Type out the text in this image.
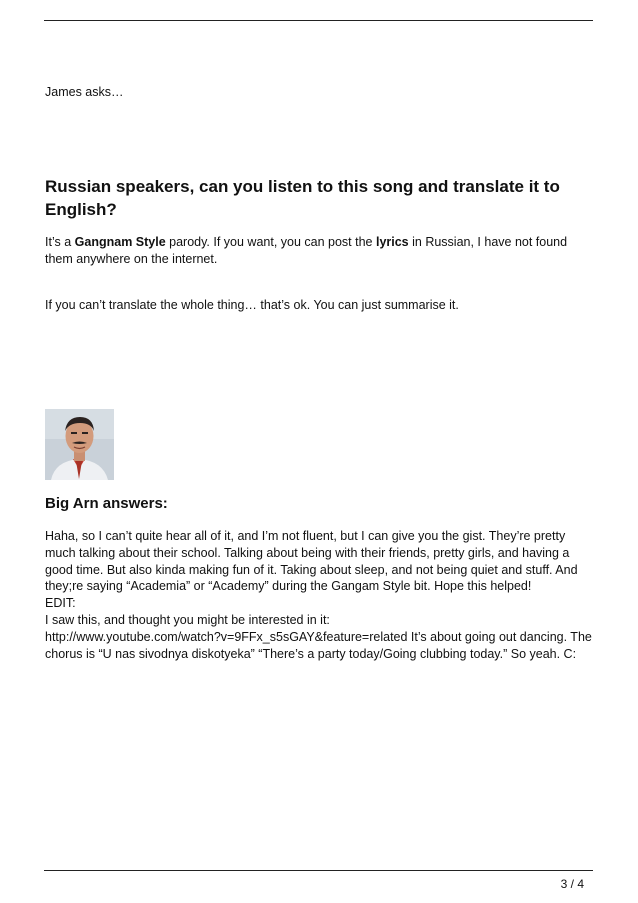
James asks…
Russian speakers, can you listen to this song and translate it to English?
It’s a Gangnam Style parody. If you want, you can post the lyrics in Russian, I have not found them anywhere on the internet.
If you can’t translate the whole thing… that’s ok. You can just summarise it.
Big Arn answers:
Haha, so I can’t quite hear all of it, and I’m not fluent, but I can give you the gist. They’re pretty much talking about their school. Talking about being with their friends, pretty girls, and having a good time. But also kinda making fun of it. Taking about sleep, and not being quiet and stuff. And they;re saying “Academia” or “Academy” during the Gangam Style bit. Hope this helped!
EDIT:
I saw this, and thought you might be interested in it:
http://www.youtube.com/watch?v=9FFx_s5sGAY&feature=related It’s about going out dancing. The chorus is “U nas sivodnya diskotyeka” “There’s a party today/Going clubbing today.” So yeah. C:
3 / 4
